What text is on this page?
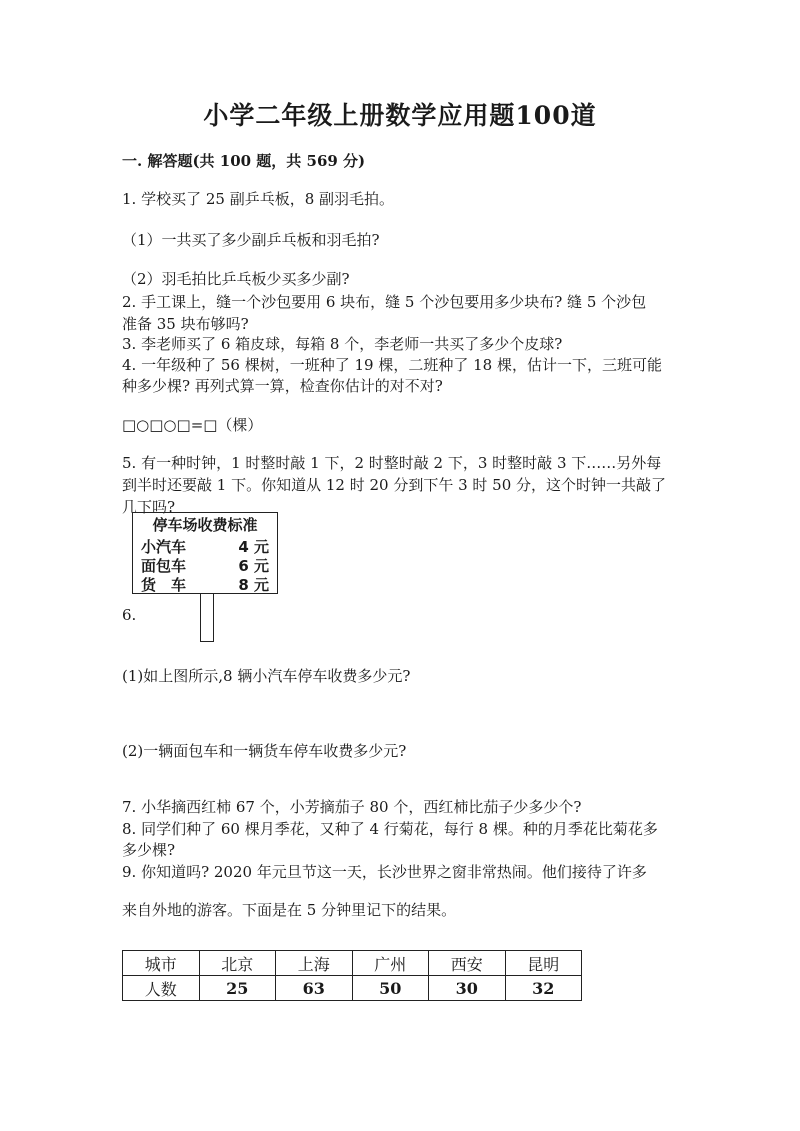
小学二年级上册数学应用题100道
一. 解答题(共 100 题，共 569 分)
1. 学校买了 25 副乒乓板，8 副羽毛拍。
（1）一共买了多少副乒乓板和羽毛拍?
（2）羽毛拍比乒乓板少买多少副?
2. 手工课上，缝一个沙包要用 6 块布，缝 5 个沙包要用多少块布? 缝 5 个沙包
准备 35 块布够吗?
3. 李老师买了 6 箱皮球，每箱 8 个，李老师一共买了多少个皮球?
4. 一年级种了 56 棵树，一班种了 19 棵，二班种了 18 棵，估计一下，三班可能
种多少棵? 再列式算一算，检查你估计的对不对?
□○□○□=□（棵）
5. 有一种时钟，1 时整时敲 1 下，2 时整时敲 2 下，3 时整时敲 3 下……另外每
到半时还要敲 1 下。你知道从 12 时 20 分到下午 3 时 50 分，这个时钟一共敲了
几下吗?
停车场收费标准
小汽车	4 元
面包车	6 元
货　车	8 元
6.
(1)如上图所示,8 辆小汽车停车收费多少元?
(2)一辆面包车和一辆货车停车收费多少元?
7. 小华摘西红柿 67 个，小芳摘茄子 80 个，西红柿比茄子少多少个?
8. 同学们种了 60 棵月季花，又种了 4 行菊花，每行 8 棵。种的月季花比菊花多
多少棵?
9. 你知道吗? 2020 年元旦节这一天，长沙世界之窗非常热闹。他们接待了许多
来自外地的游客。下面是在 5 分钟里记下的结果。
城市	北京	上海	广州	西安	昆明
人数	25	63	50	30	32
